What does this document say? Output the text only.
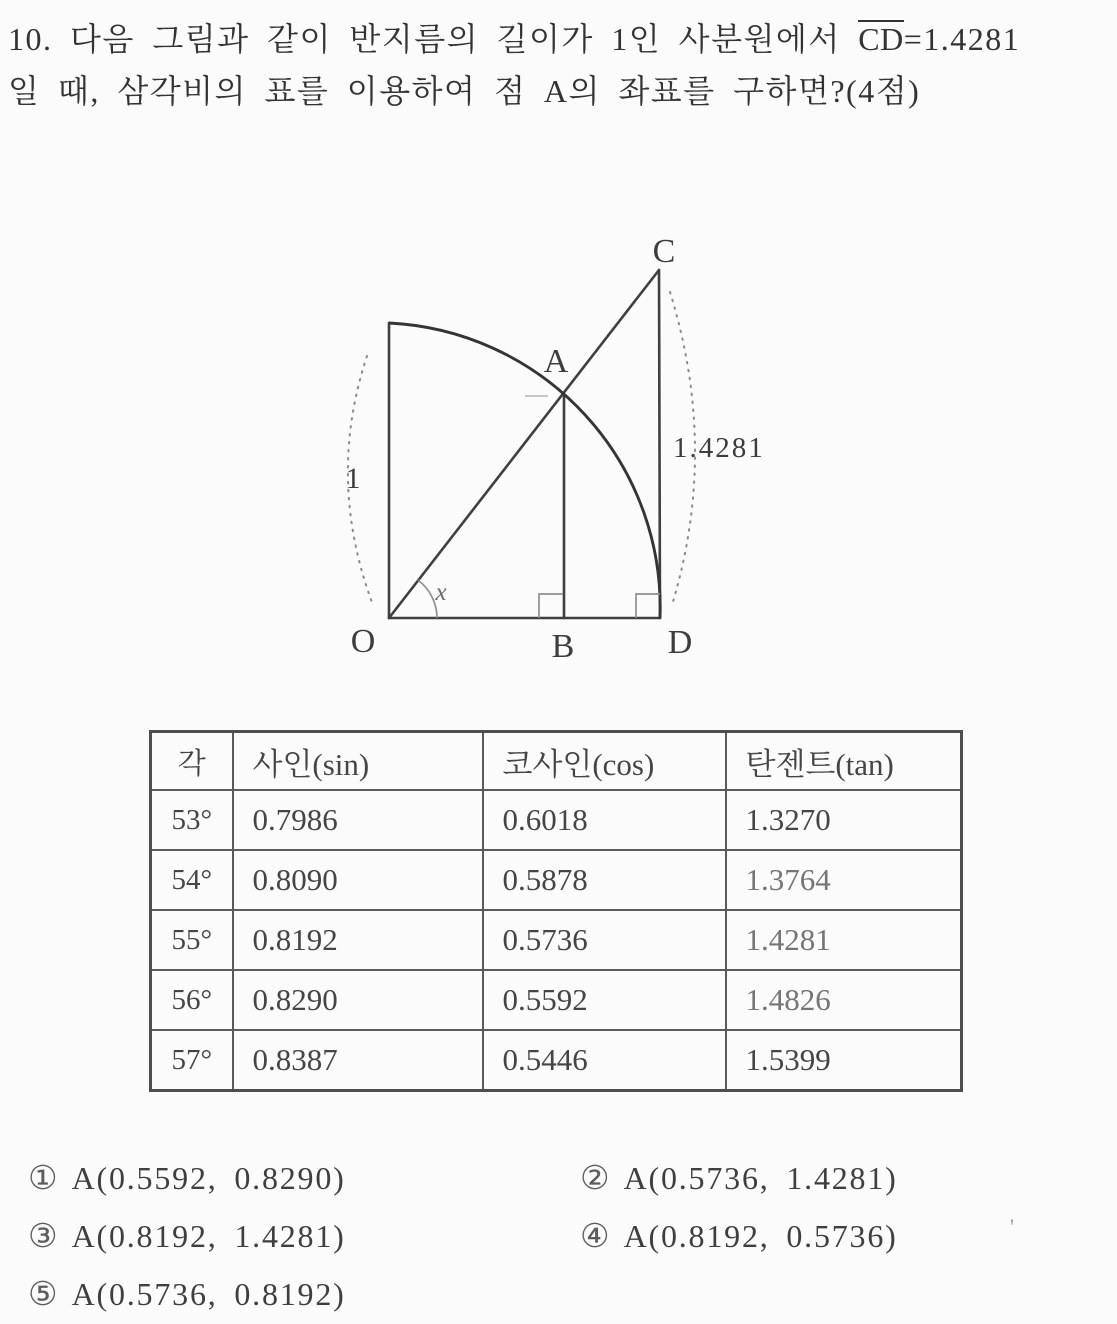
10. 다음 그림과 같이 반지름의 길이가 1인 사분원에서 CD=1.4281
일 때, 삼각비의 표를 이용하여 점 A의 좌표를 구하면?(4점)
O
A
B
C
D
1
1.4281
x
각	사인(sin)	코사인(cos)	탄젠트(tan)
53°	0.7986	0.6018	1.3270
54°	0.8090	0.5878	1.3764
55°	0.8192	0.5736	1.4281
56°	0.8290	0.5592	1.4826
57°	0.8387	0.5446	1.5399
① A(0.5592, 0.8290)	② A(0.5736, 1.4281)
③ A(0.8192, 1.4281)	④ A(0.8192, 0.5736)
⑤ A(0.5736, 0.8192)
'
